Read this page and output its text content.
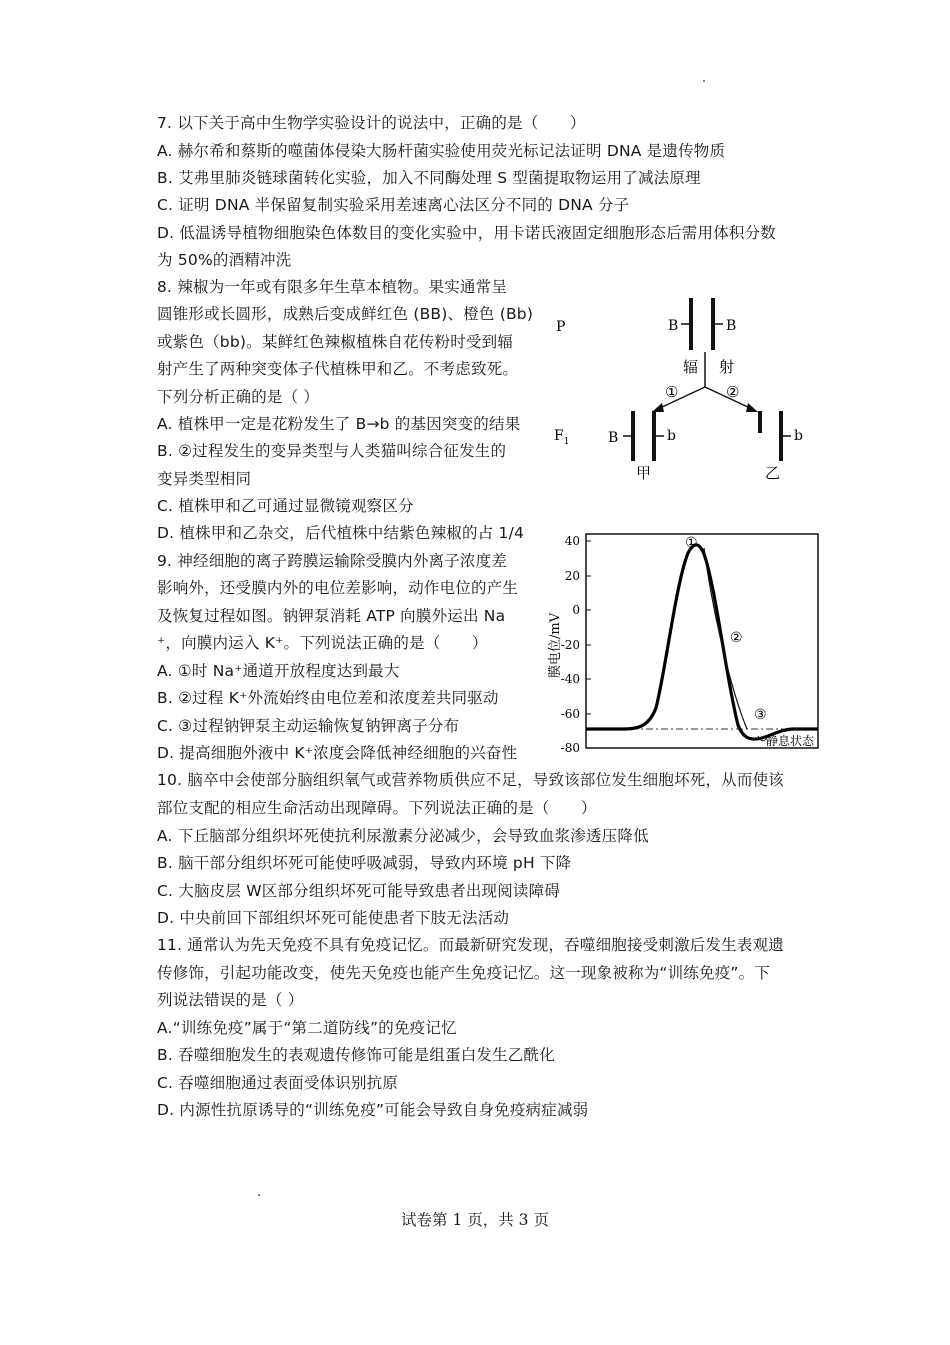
7. 以下关于高中生物学实验设计的说法中，正确的是（　　）
A. 赫尔希和蔡斯的噬菌体侵染大肠杆菌实验使用荧光标记法证明 DNA 是遗传物质
B. 艾弗里肺炎链球菌转化实验，加入不同酶处理 S 型菌提取物运用了减法原理
C. 证明 DNA 半保留复制实验采用差速离心法区分不同的 DNA 分子
D. 低温诱导植物细胞染色体数目的变化实验中，用卡诺氏液固定细胞形态后需用体积分数
为 50%的酒精冲洗
8. 辣椒为一年或有限多年生草本植物。果实通常呈
圆锥形或长圆形，成熟后变成鲜红色 (BB)、橙色 (Bb)
或紫色（bb)。某鲜红色辣椒植株自花传粉时受到辐
射产生了两种突变体子代植株甲和乙。不考虑致死。
下列分析正确的是（ ）
A. 植株甲一定是花粉发生了 B→b 的基因突变的结果
B. ②过程发生的变异类型与人类猫叫综合征发生的
变异类型相同
C. 植株甲和乙可通过显微镜观察区分
D. 植株甲和乙杂交，后代植株中结紫色辣椒的占 1/4
9. 神经细胞的离子跨膜运输除受膜内外离子浓度差
影响外，还受膜内外的电位差影响，动作电位的产生
及恢复过程如图。钠钾泵消耗 ATP 向膜外运出 Na
⁺，向膜内运入 K⁺。下列说法正确的是（　　）
A. ①时 Na⁺通道开放程度达到最大
B. ②过程 K⁺外流始终由电位差和浓度差共同驱动
C. ③过程钠钾泵主动运输恢复钠钾离子分布
D. 提高细胞外液中 K⁺浓度会降低神经细胞的兴奋性
10. 脑卒中会使部分脑组织氧气或营养物质供应不足，导致该部位发生细胞坏死，从而使该
部位支配的相应生命活动出现障碍。下列说法正确的是（　　）
A. 下丘脑部分组织坏死使抗利尿激素分泌减少，会导致血浆渗透压降低
B. 脑干部分组织坏死可能使呼吸减弱，导致内环境 pH 下降
C. 大脑皮层 W区部分组织坏死可能导致患者出现阅读障碍
D. 中央前回下部组织坏死可能使患者下肢无法活动
11. 通常认为先天免疫不具有免疫记忆。而最新研究发现，吞噬细胞接受刺激后发生表观遗
传修饰，引起功能改变，使先天免疫也能产生免疫记忆。这一现象被称为“训练免疫”。下
列说法错误的是（ ）
A.“训练免疫”属于“第二道防线”的免疫记忆
B. 吞噬细胞发生的表观遗传修饰可能是组蛋白发生乙酰化
C. 吞噬细胞通过表面受体识别抗原
D. 内源性抗原诱导的“训练免疫”可能会导致自身免疫病症减弱
P	B	B
辐 射
①	②
$F_1$	B	b
甲
b
乙
膜电位/mV
40
20
0
-20
-40
-60
-80
①
②
③
静息状态
试卷第 1 页，共 3 页
